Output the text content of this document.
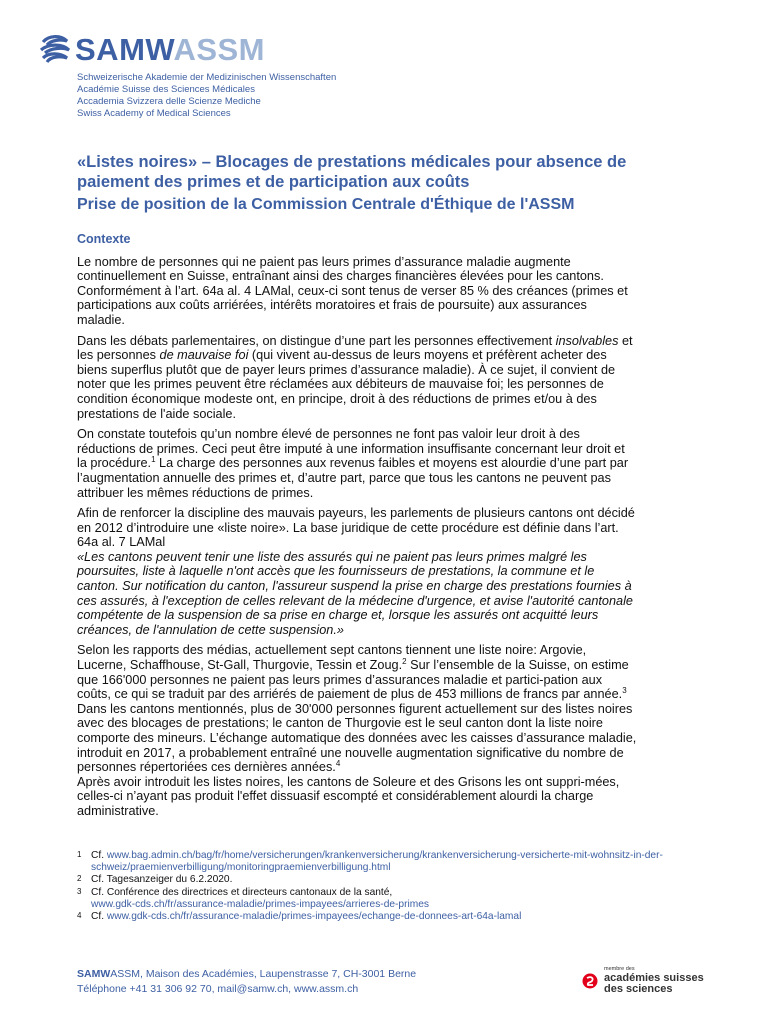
SAMWASSM
Schweizerische Akademie der Medizinischen Wissenschaften
Académie Suisse des Sciences Médicales
Accademia Svizzera delle Scienze Mediche
Swiss Academy of Medical Sciences
«Listes noires» – Blocages de prestations médicales pour absence de paiement des primes et de participation aux coûts
Prise de position de la Commission Centrale d'Éthique de l'ASSM
Contexte

Le nombre de personnes qui ne paient pas leurs primes d’assurance maladie augmente continuellement en Suisse, entraînant ainsi des charges financières élevées pour les cantons. Conformément à l’art. 64a al. 4 LAMal, ceux-ci sont tenus de verser 85 % des créances (primes et participations aux coûts arriérées, intérêts moratoires et frais de poursuite) aux assurances maladie.

Dans les débats parlementaires, on distingue d’une part les personnes effectivement insolvables et les personnes de mauvaise foi (qui vivent au-dessus de leurs moyens et préfèrent acheter des biens superflus plutôt que de payer leurs primes d’assurance maladie). À ce sujet, il convient de noter que les primes peuvent être réclamées aux débiteurs de mauvaise foi; les personnes de condition économique modeste ont, en principe, droit à des réductions de primes et/ou à des prestations de l'aide sociale.

On constate toutefois qu’un nombre élevé de personnes ne font pas valoir leur droit à des réductions de primes. Ceci peut être imputé à une information insuffisante concernant leur droit et la procédure.$^1$ La charge des personnes aux revenus faibles et moyens est alourdie d’une part par l’augmentation annuelle des primes et, d’autre part, parce que tous les cantons ne peuvent pas attribuer les mêmes réductions de primes.

Afin de renforcer la discipline des mauvais payeurs, les parlements de plusieurs cantons ont décidé en 2012 d’introduire une «liste noire». La base juridique de cette procédure est définie dans l’art. 64a al. 7 LAMal

«Les cantons peuvent tenir une liste des assurés qui ne paient pas leurs primes malgré les poursuites, liste à laquelle n'ont accès que les fournisseurs de prestations, la commune et le canton. Sur notification du canton, l'assureur suspend la prise en charge des prestations fournies à ces assurés, à l'exception de celles relevant de la médecine d'urgence, et avise l'autorité cantonale compétente de la suspension de sa prise en charge et, lorsque les assurés ont acquitté leurs créances, de l'annulation de cette suspension.»

Selon les rapports des médias, actuellement sept cantons tiennent une liste noire: Argovie, Lucerne, Schaffhouse, St-Gall, Thurgovie, Tessin et Zoug.$^2$ Sur l’ensemble de la Suisse, on estime que 166'000 personnes ne paient pas leurs primes d’assurances maladie et partici-pation aux coûts, ce qui se traduit par des arriérés de paiement de plus de 453 millions de francs par année.$^3$ Dans les cantons mentionnés, plus de 30'000 personnes figurent actuellement sur des listes noires avec des blocages de prestations; le canton de Thurgovie est le seul canton dont la liste noire comporte des mineurs. L’échange automatique des données avec les caisses d’assurance maladie, introduit en 2017, a probablement entraîné une nouvelle augmentation significative du nombre de personnes répertoriées ces dernières années.$^4$

Après avoir introduit les listes noires, les cantons de Soleure et des Grisons les ont suppri-mées, celles-ci n’ayant pas produit l'effet dissuasif escompté et considérablement alourdi la charge administrative.

1 Cf. www.bag.admin.ch/bag/fr/home/versicherungen/krankenversicherung/krankenversicherung-versicherte-mit-wohnsitz-in-der-schweiz/praemienverbilligung/monitoringpraemienverbilligung.html
2 Cf. Tagesanzeiger du 6.2.2020.
3 Cf. Conférence des directrices et directeurs cantonaux de la santé,
www.gdk-cds.ch/fr/assurance-maladie/primes-impayees/arrieres-de-primes
4 Cf. www.gdk-cds.ch/fr/assurance-maladie/primes-impayees/echange-de-donnees-art-64a-lamal
SAMWASSM, Maison des Académies, Laupenstrasse 7, CH-3001 Berne
Téléphone +41 31 306 92 70, mail@samw.ch, www.assm.ch
membre des
académies suisses
des sciences
